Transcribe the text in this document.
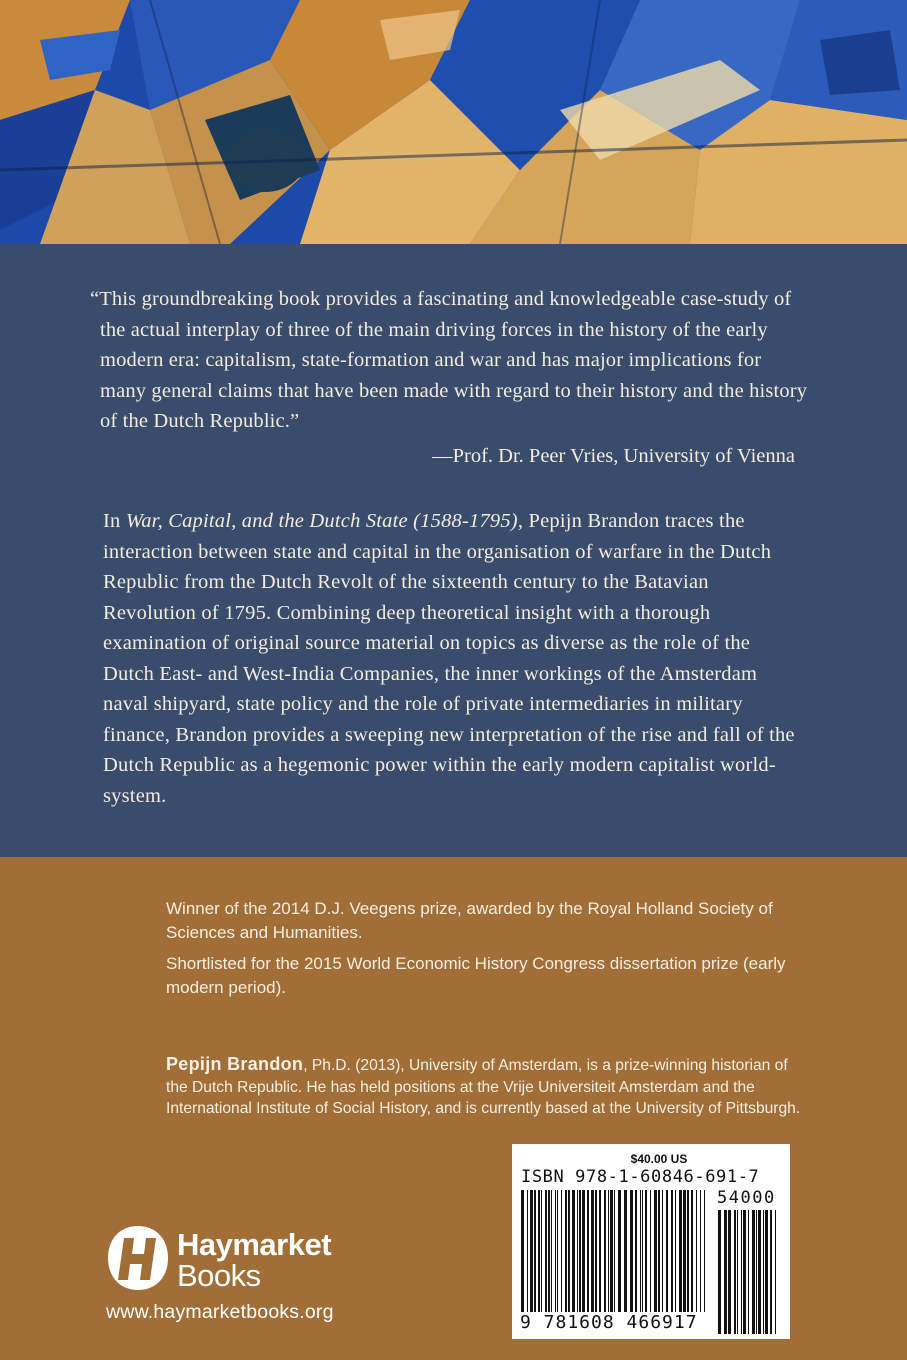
“This groundbreaking book provides a fascinating and knowledgeable case-study of the actual interplay of three of the main driving forces in the history of the early modern era: capitalism, state-formation and war and has major implications for many general claims that have been made with regard to their history and the history of the Dutch Republic.”

—Prof. Dr. Peer Vries, University of Vienna

In War, Capital, and the Dutch State (1588-1795), Pepijn Brandon traces the interaction between state and capital in the organisation of warfare in the Dutch Republic from the Dutch Revolt of the sixteenth century to the Batavian Revolution of 1795. Combining deep theoretical insight with a thorough examination of original source material on topics as diverse as the role of the Dutch East- and West-India Companies, the inner workings of the Amsterdam naval shipyard, state policy and the role of private intermediaries in military finance, Brandon provides a sweeping new interpretation of the rise and fall of the Dutch Republic as a hegemonic power within the early modern capitalist world-system.

Winner of the 2014 D.J. Veegens prize, awarded by the Royal Holland Society of Sciences and Humanities.

Shortlisted for the 2015 World Economic History Congress dissertation prize (early modern period).

Pepijn Brandon, Ph.D. (2013), University of Amsterdam, is a prize-winning historian of the Dutch Republic. He has held positions at the Vrije Universiteit Amsterdam and the International Institute of Social History, and is currently based at the University of Pittsburgh.

Haymarket
Books
www.haymarketbooks.org
$40.00 US
ISBN 978-1-60846-691-7
9 781608 466917
54000
